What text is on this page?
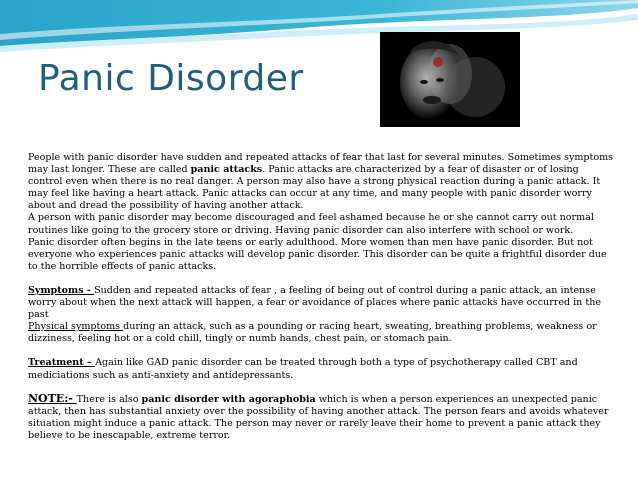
Panic Disorder

People with panic disorder have sudden and repeated attacks of fear that last for several minutes. Sometimes symptoms may last longer. These are called panic attacks. Panic attacks are characterized by a fear of disaster or of losing control even when there is no real danger. A person may also have a strong physical reaction during a panic attack. It may feel like having a heart attack. Panic attacks can occur at any time, and many people with panic disorder worry about and dread the possibility of having another attack.

A person with panic disorder may become discouraged and feel ashamed because he or she cannot carry out normal routines like going to the grocery store or driving. Having panic disorder can also interfere with school or work.

Panic disorder often begins in the late teens or early adulthood. More women than men have panic disorder. But not everyone who experiences panic attacks will develop panic disorder. This disorder can be quite a frightful disorder due to the horrible effects of panic attacks.

Symptoms - Sudden and repeated attacks of fear , a feeling of being out of control during a panic attack, an intense worry about when the next attack will happen, a fear or avoidance of places where panic attacks have occurred in the past
Physical symptoms during an attack, such as a pounding or racing heart, sweating, breathing problems, weakness or dizziness, feeling hot or a cold chill, tingly or numb hands, chest pain, or stomach pain.

Treatment – Again like GAD panic disorder can be treated through both a type of psychotherapy called CBT and mediciations such as anti-anxiety and antidepressants.

NOTE:- There is also panic disorder with agoraphobia which is when a person experiences an unexpected panic attack, then has substantial anxiety over the possibility of having another attack. The person fears and avoids whatever situation might induce a panic attack. The person may never or rarely leave their home to prevent a panic attack they believe to be inescapable, extreme terror.
